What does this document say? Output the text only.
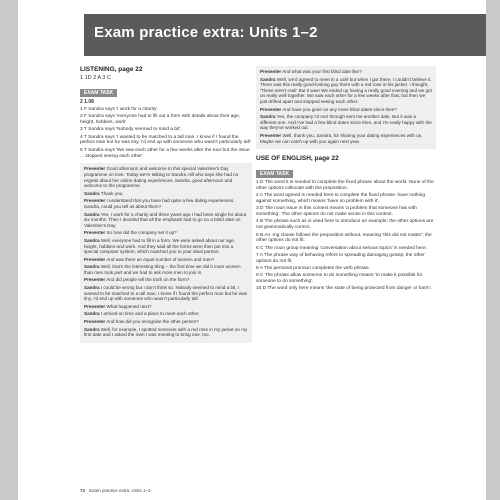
Exam practice extra: Units 1–2
LISTENING, page 22
1 1D 2 A 3 C
EXAM TASK
2 1.08
1 F Sandra says 'I work for a charity'.
2 F Sandra says 'everyone had to fill out a form with details about their age, height, hobbies, work'.
3 T Sandra says 'Nobody seemed to mind a bit'.
4 T Sandra says 'I wanted to be matched to a tall man. I know if I found the perfect man but he was tiny, I'd end up with someone who wasn't particularly tall'.
5 T Sandra says 'We saw each other for a few weeks after the tour but the issue ... stopped seeing each other'.

Presenter Good afternoon and welcome to this special Valentine's Day programme on love. Today we're talking to Sandra Hill who says she had no regrets about her online dating experiences. Sandra, good afternoon and welcome to the programme.

Sandra Thank you.

Presenter I understand that you have had quite a few dating experiences. Sandra, could you tell us about them?

Sandra Yes, I work for a charity and three years ago I had been single for about six months. Then I decided that all the emphasis had to go on a blind date on Valentine's Day.

Presenter So how did the company set it up?

Sandra Well, everyone had to fill in a form. We were asked about our age, height, hobbies and work. And they said all the forms were then put into a special computer system, which matched you to your ideal partner.

Presenter And was there an equal number of women and men?

Sandra Well, that's the interesting thing – the first time we did it more women than men took part and we had to ask more men to join in.

Presenter And did people tell the truth on the form?

Sandra I could be wrong but I don't think so. Nobody seemed to mind a bit. I wanted to be matched to a tall man. I knew if I found the perfect man but he was tiny, I'd end up with someone who wasn't particularly tall.

Presenter What happened next?

Sandra I arrived on time and a place to meet each other.

Presenter And how did you recognise the other person?

Sandra Well, for example, I spotted someone with a red rose in my jacket on my first date and I asked the man I was meeting to bring one, too.

Presenter And what was your first blind date like?

Sandra Well, we'd agreed to meet in a café but when I got there, I couldn't believe it. There was this really good-looking guy there with a red rose in his jacket. I thought, 'These aren't real!' But it was! We ended up having a really good evening and we got on really well together. We saw each other for a few weeks after that, but then we just drifted apart and stopped seeing each other.

Presenter And have you gone on any more blind dates since then?

Sandra Yes, the company I'd met through sent me another date. But it was a different one. And I've had a few blind dates since then, and I'm really happy with the way they've worked out.

Presenter Well, thank you, Sandra, for sharing your dating experiences with us. Maybe we can catch up with you again next year.

USE OF ENGLISH, page 22
EXAM TASK
1 D The word it is needed to complete the fixed phrase about the world. None of the other options collocate with the preposition.
2 A The word agreed is needed here to complete the fixed phrase: have nothing against something, which means 'have no problem with it'.
3 D The noun issue in this context means 'a problem that someone has with something'. The other options do not make sense in this context.
4 B The phrase such as is used here to introduce an example; the other options are not grammatically correct.
5 B An -ing clause follows the preposition without, meaning 'this did not matter'; the other options do not fit.
6 C The noun group meaning 'conversation about serious topics' is needed here.
7 A The phrase way of behaving refers to spreading damaging gossip; the other options do not fit.
8 A The personal pronoun completes the verb phrase.
9 C The phrase allow someone to do something means 'to make it possible for someone to do something'.
10 D The word only here means 'the state of being protected from danger or harm'.
72 Exam practice extra: Units 1–2
